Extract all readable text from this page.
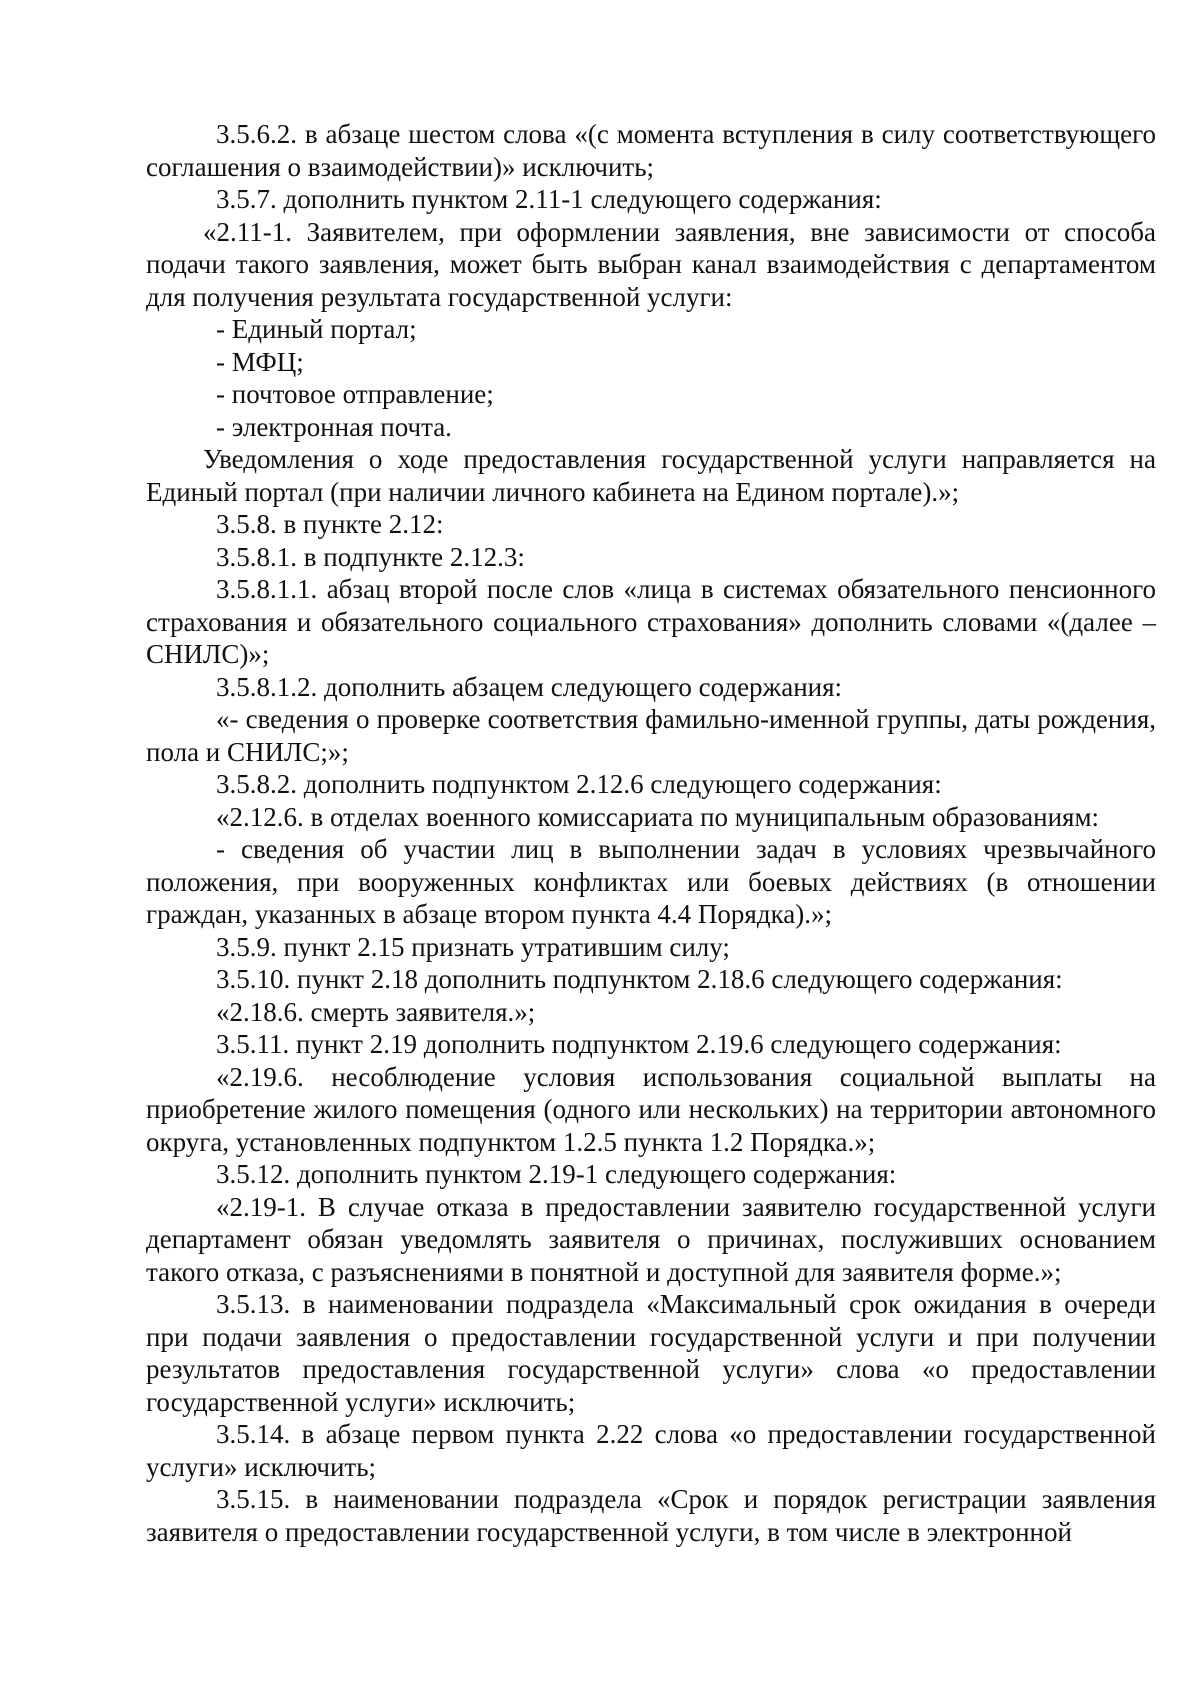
3.5.6.2. в абзаце шестом слова «(с момента вступления в силу соответствующего соглашения о взаимодействии)» исключить;

3.5.7. дополнить пунктом 2.11-1 следующего содержания:

«2.11-1. Заявителем, при оформлении заявления, вне зависимости от способа подачи такого заявления, может быть выбран канал взаимодействия с департаментом для получения результата государственной услуги:

- Единый портал;

- МФЦ;

- почтовое отправление;

- электронная почта.

Уведомления о ходе предоставления государственной услуги направляется на Единый портал (при наличии личного кабинета на Едином портале).»;

3.5.8. в пункте 2.12:

3.5.8.1. в подпункте 2.12.3:

3.5.8.1.1. абзац второй после слов «лица в системах обязательного пенсионного страхования и обязательного социального страхования» дополнить словами «(далее – СНИЛС)»;

3.5.8.1.2. дополнить абзацем следующего содержания:

«- сведения о проверке соответствия фамильно-именной группы, даты рождения, пола и СНИЛС;»;

3.5.8.2. дополнить подпунктом 2.12.6 следующего содержания:

«2.12.6. в отделах военного комиссариата по муниципальным образованиям:

- сведения об участии лиц в выполнении задач в условиях чрезвычайного положения, при вооруженных конфликтах или боевых действиях (в отношении граждан, указанных в абзаце втором пункта 4.4 Порядка).»;

3.5.9. пункт 2.15 признать утратившим силу;

3.5.10. пункт 2.18 дополнить подпунктом 2.18.6 следующего содержания:

«2.18.6. смерть заявителя.»;

3.5.11. пункт 2.19 дополнить подпунктом 2.19.6 следующего содержания:

«2.19.6. несоблюдение условия использования социальной выплаты на приобретение жилого помещения (одного или нескольких) на территории автономного округа, установленных подпунктом 1.2.5 пункта 1.2 Порядка.»;

3.5.12. дополнить пунктом 2.19-1 следующего содержания:

«2.19-1. В случае отказа в предоставлении заявителю государственной услуги департамент обязан уведомлять заявителя о причинах, послуживших основанием такого отказа, с разъяснениями в понятной и доступной для заявителя форме.»;

3.5.13. в наименовании подраздела «Максимальный срок ожидания в очереди при подачи заявления о предоставлении государственной услуги и при получении результатов предоставления государственной услуги» слова «о предоставлении государственной услуги» исключить;

3.5.14. в абзаце первом пункта 2.22 слова «о предоставлении государственной услуги» исключить;

3.5.15. в наименовании подраздела «Срок и порядок регистрации заявления заявителя о предоставлении государственной услуги, в том числе в электронной
